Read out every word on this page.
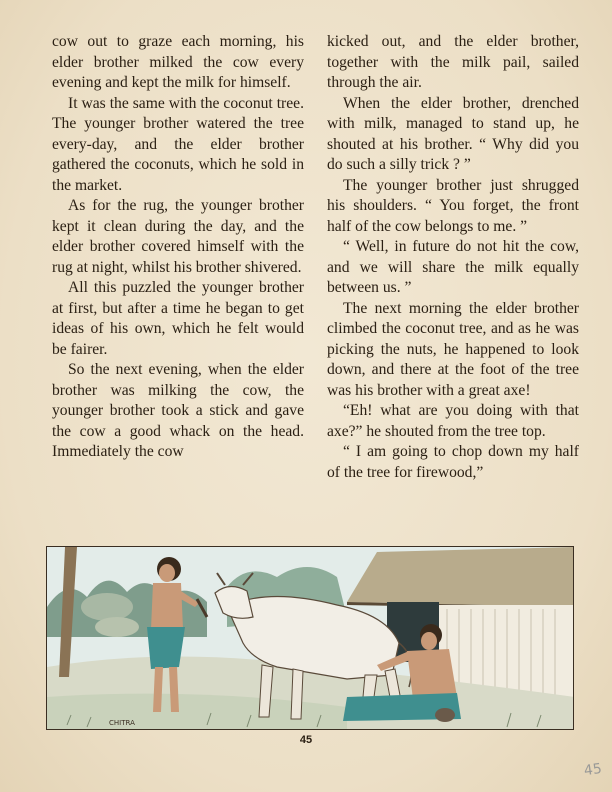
cow out to graze each morning, his elder brother milked the cow every evening and kept the milk for himself.

It was the same with the coconut tree. The younger brother watered the tree every-day, and the elder brother gathered the coconuts, which he sold in the market.

As for the rug, the younger brother kept it clean during the day, and the elder brother covered himself with the rug at night, whilst his brother shivered.

All this puzzled the younger brother at first, but after a time he began to get ideas of his own, which he felt would be fairer.

So the next evening, when the elder brother was milking the cow, the younger brother took a stick and gave the cow a good whack on the head. Immediately the cow

kicked out, and the elder brother, together with the milk pail, sailed through the air.

When the elder brother, drenched with milk, managed to stand up, he shouted at his brother. “ Why did you do such a silly trick ? ”

The younger brother just shrugged his shoulders. “ You forget, the front half of the cow belongs to me. ”

“ Well, in future do not hit the cow, and we will share the milk equally between us. ”

The next morning the elder brother climbed the coconut tree, and as he was picking the nuts, he happened to look down, and there at the foot of the tree was his brother with a great axe!

“Eh! what are you doing with that axe?” he shouted from the tree top.

“ I am going to chop down my half of the tree for firewood,”

CHITRA
45
45
